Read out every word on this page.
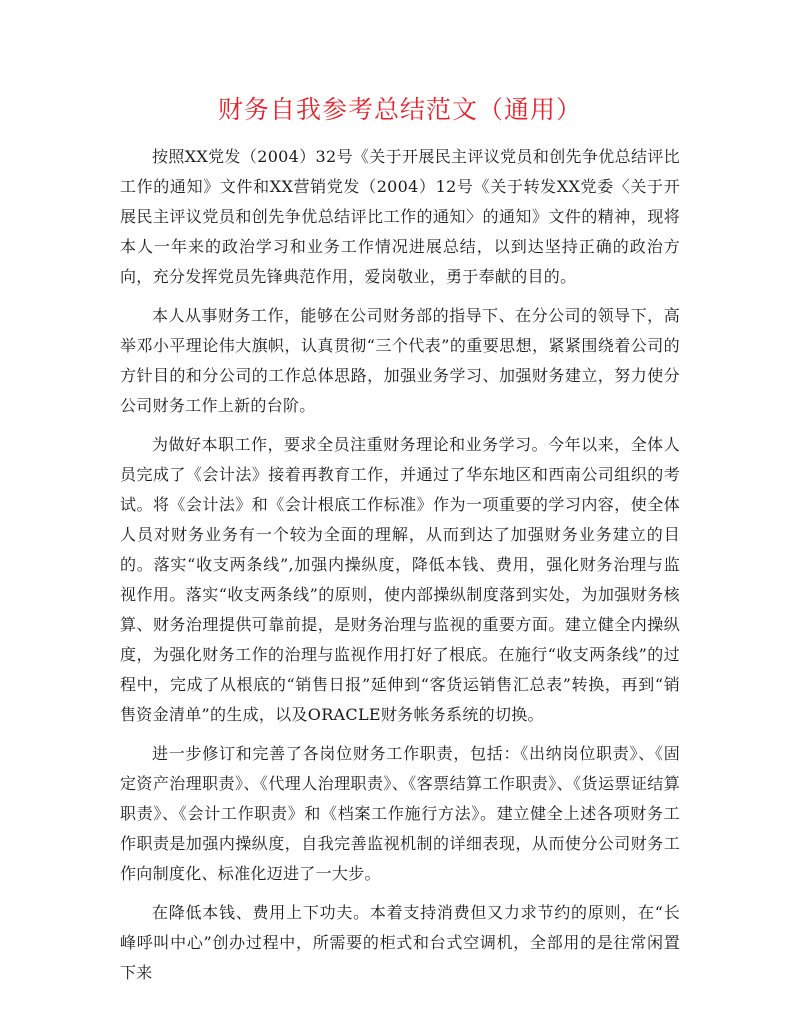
财务自我参考总结范文（通用）

按照XX党发（2004）32号《关于开展民主评议党员和创先争优总结评比工作的通知》文件和XX营销党发（2004）12号《关于转发XX党委〈关于开展民主评议党员和创先争优总结评比工作的通知〉的通知》文件的精神，现将本人一年来的政治学习和业务工作情况进展总结，以到达坚持正确的政治方向，充分发挥党员先锋典范作用，爱岗敬业，勇于奉献的目的。

本人从事财务工作，能够在公司财务部的指导下、在分公司的领导下，高举邓小平理论伟大旗帜，认真贯彻“三个代表”的重要思想，紧紧围绕着公司的方针目的和分公司的工作总体思路，加强业务学习、加强财务建立，努力使分公司财务工作上新的台阶。

为做好本职工作，要求全员注重财务理论和业务学习。今年以来，全体人员完成了《会计法》接着再教育工作，并通过了华东地区和西南公司组织的考试。将《会计法》和《会计根底工作标准》作为一项重要的学习内容，使全体人员对财务业务有一个较为全面的理解，从而到达了加强财务业务建立的目的。落实“收支两条线”,加强内操纵度，降低本钱、费用，强化财务治理与监视作用。落实“收支两条线”的原则，使内部操纵制度落到实处，为加强财务核算、财务治理提供可靠前提，是财务治理与监视的重要方面。建立健全内操纵度，为强化财务工作的治理与监视作用打好了根底。在施行“收支两条线”的过程中，完成了从根底的“销售日报”延伸到“客货运销售汇总表”转换，再到“销售资金清单”的生成，以及ORACLE财务帐务系统的切换。

进一步修订和完善了各岗位财务工作职责，包括：《出纳岗位职责》、《固定资产治理职责》、《代理人治理职责》、《客票结算工作职责》、《货运票证结算职责》、《会计工作职责》和《档案工作施行方法》。建立健全上述各项财务工作职责是加强内操纵度，自我完善监视机制的详细表现，从而使分公司财务工作向制度化、标准化迈进了一大步。

在降低本钱、费用上下功夫。本着支持消费但又力求节约的原则，在“长峰呼叫中心”创办过程中，所需要的柜式和台式空调机，全部用的是往常闲置下来
